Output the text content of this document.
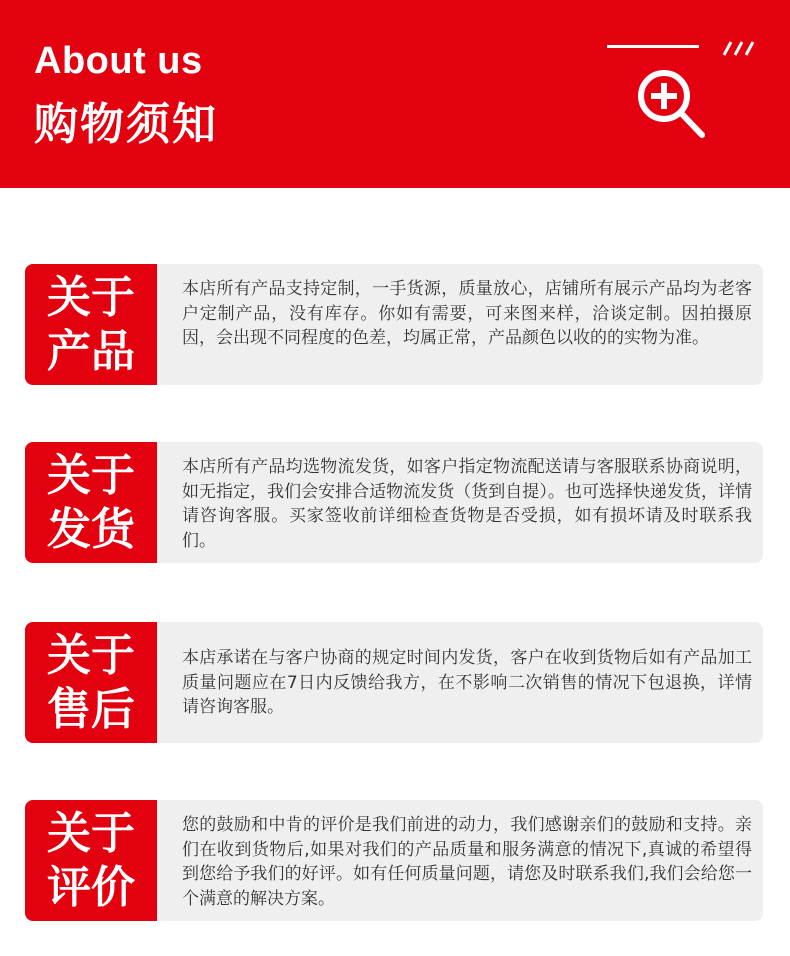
About us
购物须知
关于
产品
本店所有产品支持定制，一手货源，质量放心，店铺所有展示产品均为老客户定制产品，没有库存。你如有需要，可来图来样，洽谈定制。因拍摄原因，会出现不同程度的色差，均属正常，产品颜色以收的的实物为准。
关于
发货
本店所有产品均选物流发货，如客户指定物流配送请与客服联系协商说明，如无指定，我们会安排合适物流发货（货到自提）。也可选择快递发货，详情请咨询客服。买家签收前详细检查货物是否受损，如有损坏请及时联系我们。
关于
售后
本店承诺在与客户协商的规定时间内发货，客户在收到货物后如有产品加工质量问题应在7日内反馈给我方，在不影响二次销售的情况下包退换，详情请咨询客服。
关于
评价
您的鼓励和中肯的评价是我们前进的动力，我们感谢亲们的鼓励和支持。亲们在收到货物后,如果对我们的产品质量和服务满意的情况下,真诚的希望得到您给予我们的好评。如有任何质量问题，请您及时联系我们,我们会给您一个满意的解决方案。
